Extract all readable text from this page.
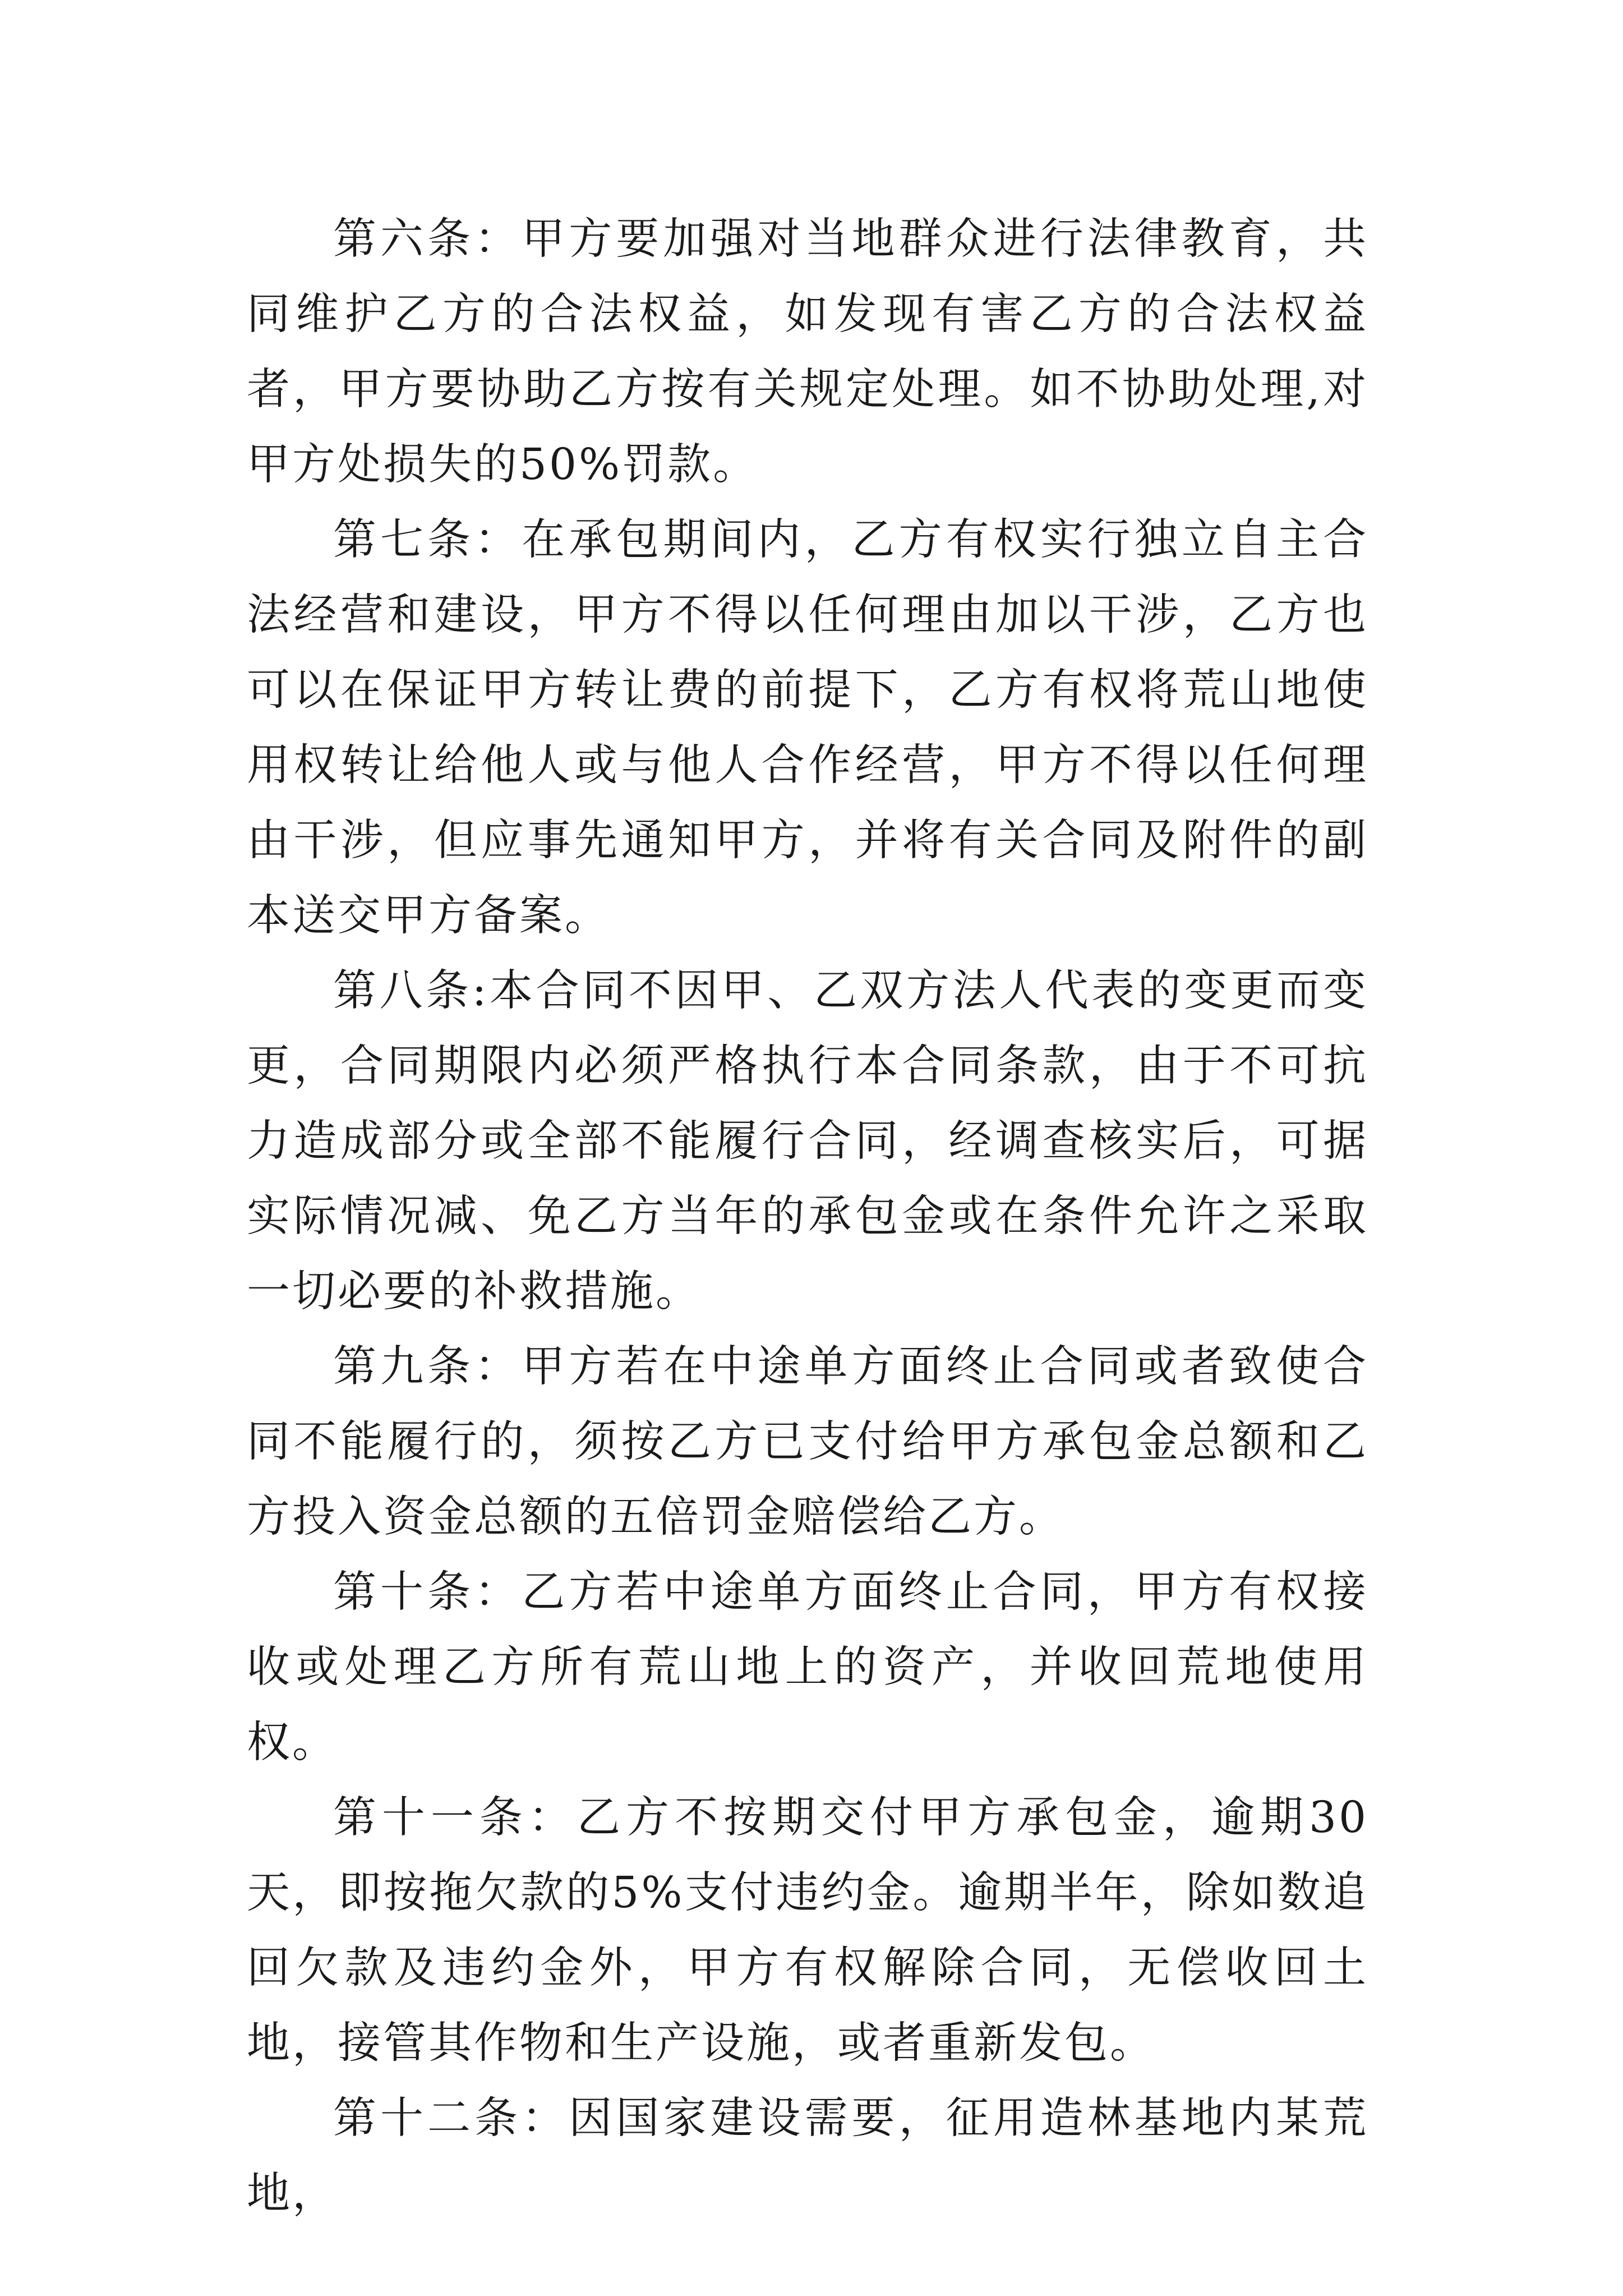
第六条：甲方要加强对当地群众进行法律教育，共同维护乙方的合法权益，如发现有害乙方的合法权益者，甲方要协助乙方按有关规定处理。如不协助处理,对甲方处损失的50%罚款。

第七条：在承包期间内，乙方有权实行独立自主合法经营和建设，甲方不得以任何理由加以干涉，乙方也可以在保证甲方转让费的前提下，乙方有权将荒山地使用权转让给他人或与他人合作经营，甲方不得以任何理由干涉，但应事先通知甲方，并将有关合同及附件的副本送交甲方备案。

第八条:本合同不因甲、乙双方法人代表的变更而变更，合同期限内必须严格执行本合同条款，由于不可抗力造成部分或全部不能履行合同，经调查核实后，可据实际情况减、免乙方当年的承包金或在条件允许之采取一切必要的补救措施。

第九条：甲方若在中途单方面终止合同或者致使合同不能履行的，须按乙方已支付给甲方承包金总额和乙方投入资金总额的五倍罚金赔偿给乙方。

第十条：乙方若中途单方面终止合同，甲方有权接收或处理乙方所有荒山地上的资产，并收回荒地使用权。

第十一条：乙方不按期交付甲方承包金，逾期30天，即按拖欠款的5%支付违约金。逾期半年，除如数追回欠款及违约金外，甲方有权解除合同，无偿收回土地，接管其作物和生产设施，或者重新发包。

第十二条：因国家建设需要，征用造林基地内某荒地，
